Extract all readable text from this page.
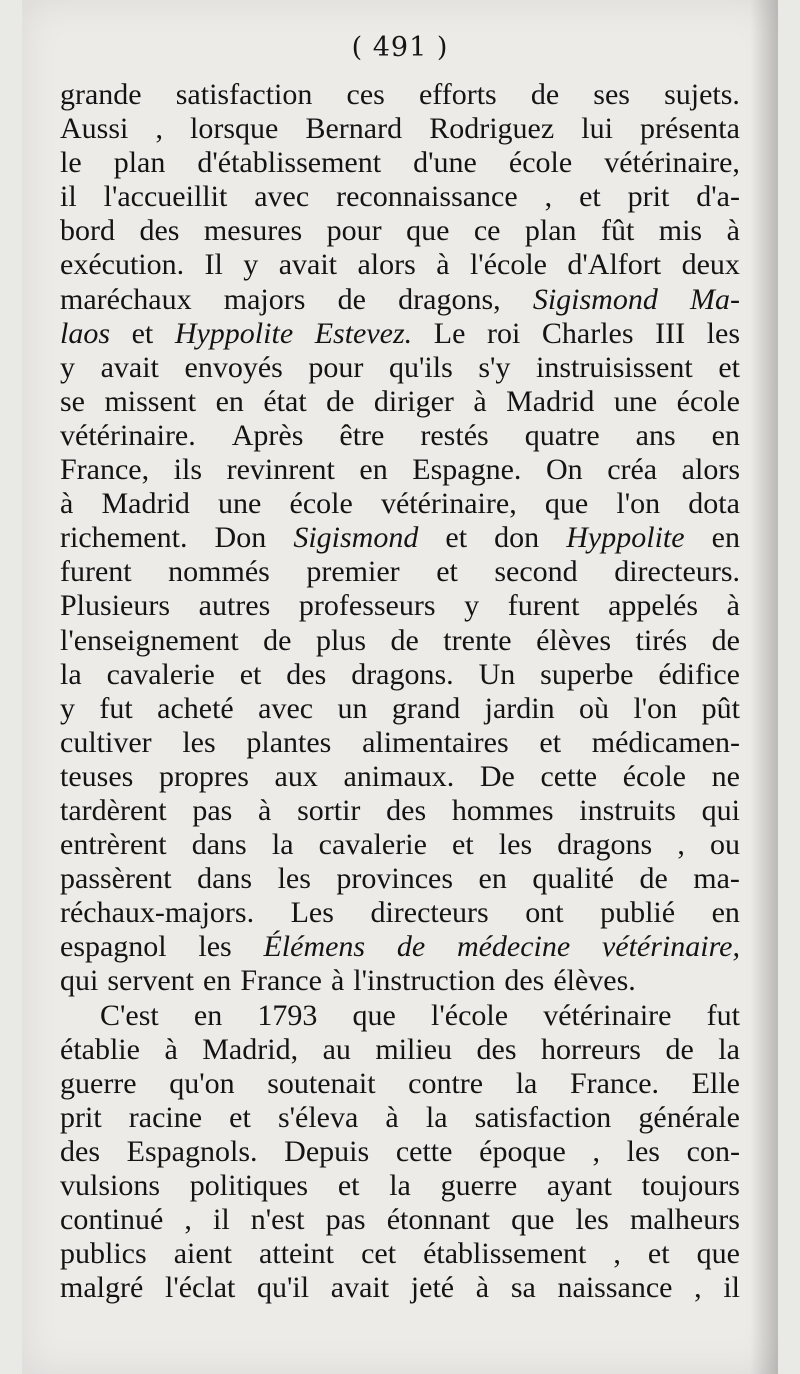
( 491 )
grande satisfaction ces efforts de ses sujets.
Aussi , lorsque Bernard Rodriguez lui présenta
le plan d'établissement d'une école vétérinaire,
il l'accueillit avec reconnaissance , et prit d'a-
bord des mesures pour que ce plan fût mis à
exécution. Il y avait alors à l'école d'Alfort deux
maréchaux majors de dragons, Sigismond Ma-
laos et Hyppolite Estevez. Le roi Charles III les
y avait envoyés pour qu'ils s'y instruisissent et
se missent en état de diriger à Madrid une école
vétérinaire. Après être restés quatre ans en
France, ils revinrent en Espagne. On créa alors
à Madrid une école vétérinaire, que l'on dota
richement. Don Sigismond et don Hyppolite en
furent nommés premier et second directeurs.
Plusieurs autres professeurs y furent appelés à
l'enseignement de plus de trente élèves tirés de
la cavalerie et des dragons. Un superbe édifice
y fut acheté avec un grand jardin où l'on pût
cultiver les plantes alimentaires et médicamen-
teuses propres aux animaux. De cette école ne
tardèrent pas à sortir des hommes instruits qui
entrèrent dans la cavalerie et les dragons , ou
passèrent dans les provinces en qualité de ma-
réchaux-majors. Les directeurs ont publié en
espagnol les Élémens de médecine vétérinaire,
qui servent en France à l'instruction des élèves.
C'est en 1793 que l'école vétérinaire fut
établie à Madrid, au milieu des horreurs de la
guerre qu'on soutenait contre la France. Elle
prit racine et s'éleva à la satisfaction générale
des Espagnols. Depuis cette époque , les con-
vulsions politiques et la guerre ayant toujours
continué , il n'est pas étonnant que les malheurs
publics aient atteint cet établissement , et que
malgré l'éclat qu'il avait jeté à sa naissance , il
